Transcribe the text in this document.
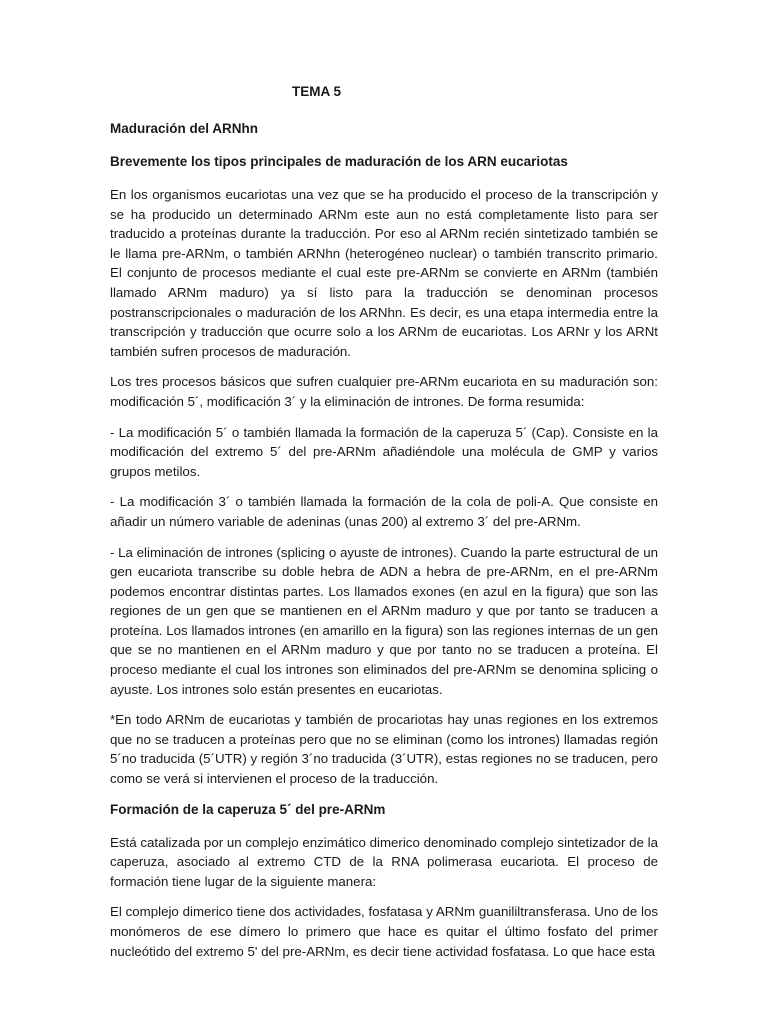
TEMA 5
Maduración del ARNhn
Brevemente los tipos principales de maduración de los ARN eucariotas

En los organismos eucariotas una vez que se ha producido el proceso de la transcripción y se ha producido un determinado ARNm este aun no está completamente listo para ser traducido a proteínas durante la traducción. Por eso al ARNm recién sintetizado también se le llama pre-ARNm, o también ARNhn (heterogéneo nuclear) o también transcrito primario. El conjunto de procesos mediante el cual este pre-ARNm se convierte en ARNm (también llamado ARNm maduro) ya sí listo para la traducción se denominan procesos postranscripcionales o maduración de los ARNhn. Es decir, es una etapa intermedia entre la transcripción y traducción que ocurre solo a los ARNm de eucariotas. Los ARNr y los ARNt también sufren procesos de maduración.

Los tres procesos básicos que sufren cualquier pre-ARNm eucariota en su maduración son: modificación 5´, modificación 3´ y la eliminación de intrones. De forma resumida:

- La modificación 5´ o también llamada la formación de la caperuza 5´ (Cap). Consiste en la modificación del extremo 5´ del pre-ARNm añadiéndole una molécula de GMP y varios grupos metilos.

- La modificación 3´ o también llamada la formación de la cola de poli-A. Que consiste en añadir un número variable de adeninas (unas 200) al extremo 3´ del pre-ARNm.

- La eliminación de intrones (splicing o ayuste de intrones). Cuando la parte estructural de un gen eucariota transcribe su doble hebra de ADN a hebra de pre-ARNm, en el pre-ARNm podemos encontrar distintas partes. Los llamados exones (en azul en la figura) que son las regiones de un gen que se mantienen en el ARNm maduro y que por tanto se traducen a proteína. Los llamados intrones (en amarillo en la figura) son las regiones internas de un gen que se no mantienen en el ARNm maduro y que por tanto no se traducen a proteína. El proceso mediante el cual los intrones son eliminados del pre-ARNm se denomina splicing o ayuste. Los intrones solo están presentes en eucariotas.

*En todo ARNm de eucariotas y también de procariotas hay unas regiones en los extremos que no se traducen a proteínas pero que no se eliminan (como los intrones) llamadas región 5´no traducida (5´UTR) y región 3´no traducida (3´UTR), estas regiones no se traducen, pero como se verá si intervienen el proceso de la traducción.

Formación de la caperuza 5´ del pre-ARNm

Está catalizada por un complejo enzimático dimerico denominado complejo sintetizador de la caperuza, asociado al extremo CTD de la RNA polimerasa eucariota. El proceso de formación tiene lugar de la siguiente manera:

El complejo dimerico tiene dos actividades, fosfatasa y ARNm guanililtransferasa. Uno de los monómeros de ese dímero lo primero que hace es quitar el último fosfato del primer nucleótido del extremo 5' del pre-ARNm, es decir tiene actividad fosfatasa. Lo que hace esta
